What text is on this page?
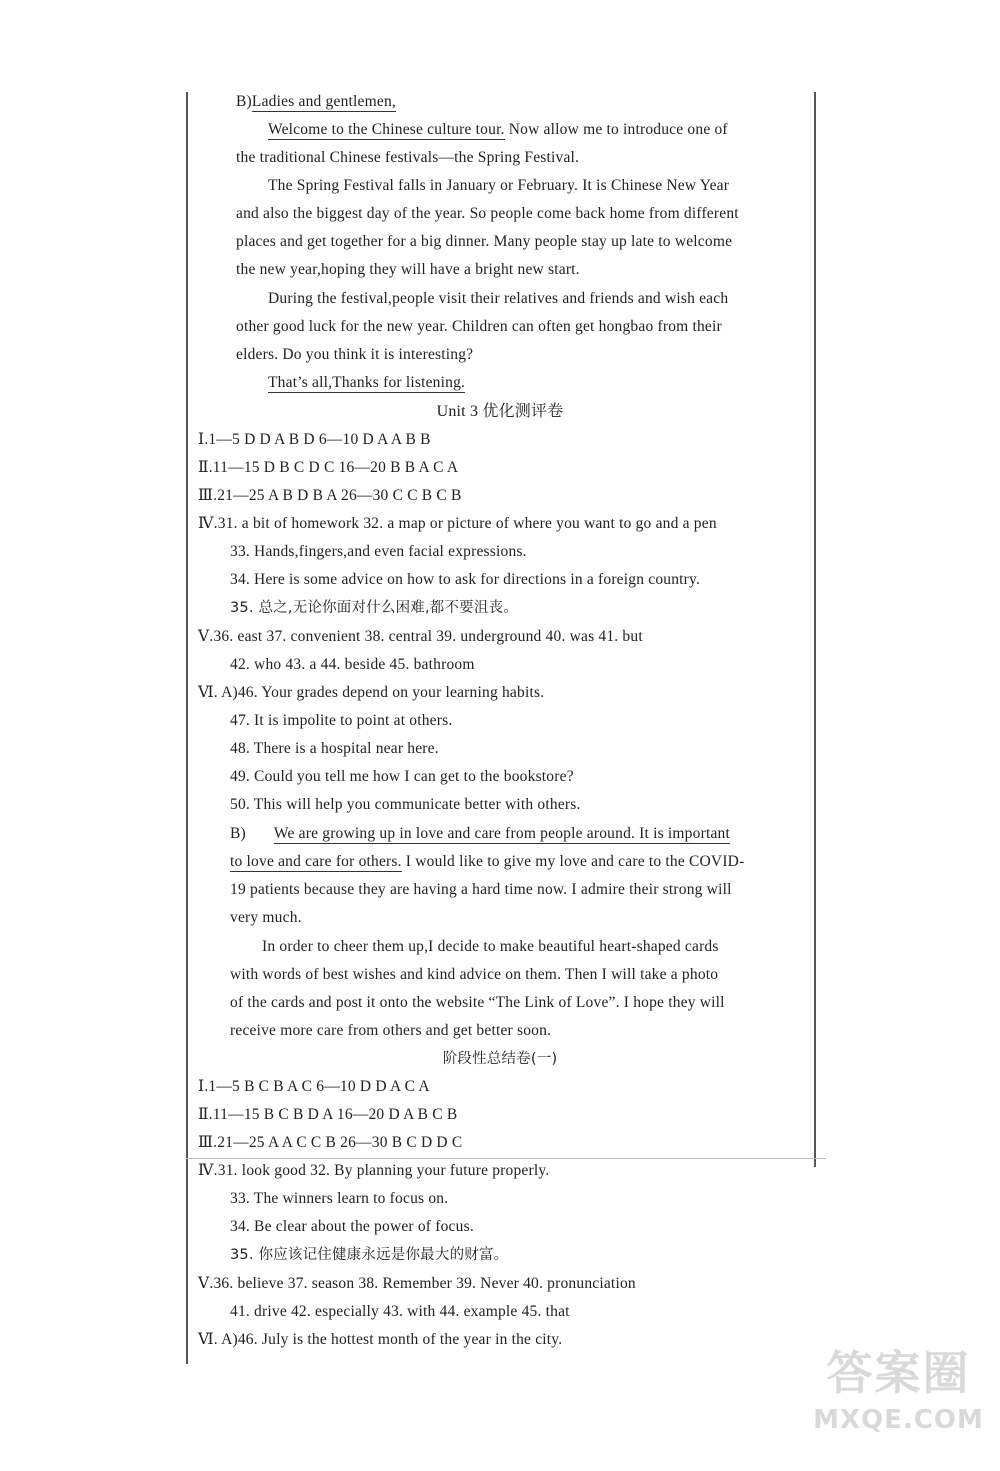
B)Ladies and gentlemen,
Welcome to the Chinese culture tour. Now allow me to introduce one of
the traditional Chinese festivals—the Spring Festival.
The Spring Festival falls in January or February. It is Chinese New Year
and also the biggest day of the year. So people come back home from different
places and get together for a big dinner. Many people stay up late to welcome
the new year,hoping they will have a bright new start.
During the festival,people visit their relatives and friends and wish each
other good luck for the new year. Children can often get hongbao from their
elders. Do you think it is interesting?
That’s all,Thanks for listening.
Unit 3 优化测评卷
Ⅰ.1—5 D D A B D 6—10 D A A B B
Ⅱ.11—15 D B C D C 16—20 B B A C A
Ⅲ.21—25 A B D B A 26—30 C C B C B
Ⅳ.31. a bit of homework 32. a map or picture of where you want to go and a pen
33. Hands,fingers,and even facial expressions.
34. Here is some advice on how to ask for directions in a foreign country.
35. 总之,无论你面对什么困难,都不要沮丧。
Ⅴ.36. east 37. convenient 38. central 39. underground 40. was 41. but
42. who 43. a 44. beside 45. bathroom
Ⅵ. A)46. Your grades depend on your learning habits.
47. It is impolite to point at others.
48. There is a hospital near here.
49. Could you tell me how I can get to the bookstore?
50. This will help you communicate better with others.
B) We are growing up in love and care from people around. It is important
to love and care for others. I would like to give my love and care to the COVID-
19 patients because they are having a hard time now. I admire their strong will
very much.
In order to cheer them up,I decide to make beautiful heart-shaped cards
with words of best wishes and kind advice on them. Then I will take a photo
of the cards and post it onto the website “The Link of Love”. I hope they will
receive more care from others and get better soon.
阶段性总结卷(一)
Ⅰ.1—5 B C B A C 6—10 D D A C A
Ⅱ.11—15 B C B D A 16—20 D A B C B
Ⅲ.21—25 A A C C B 26—30 B C D D C
Ⅳ.31. look good 32. By planning your future properly.
33. The winners learn to focus on.
34. Be clear about the power of focus.
35. 你应该记住健康永远是你最大的财富。
Ⅴ.36. believe 37. season 38. Remember 39. Never 40. pronunciation
41. drive 42. especially 43. with 44. example 45. that
Ⅵ. A)46. July is the hottest month of the year in the city.
答案圈
MXQE.COM
